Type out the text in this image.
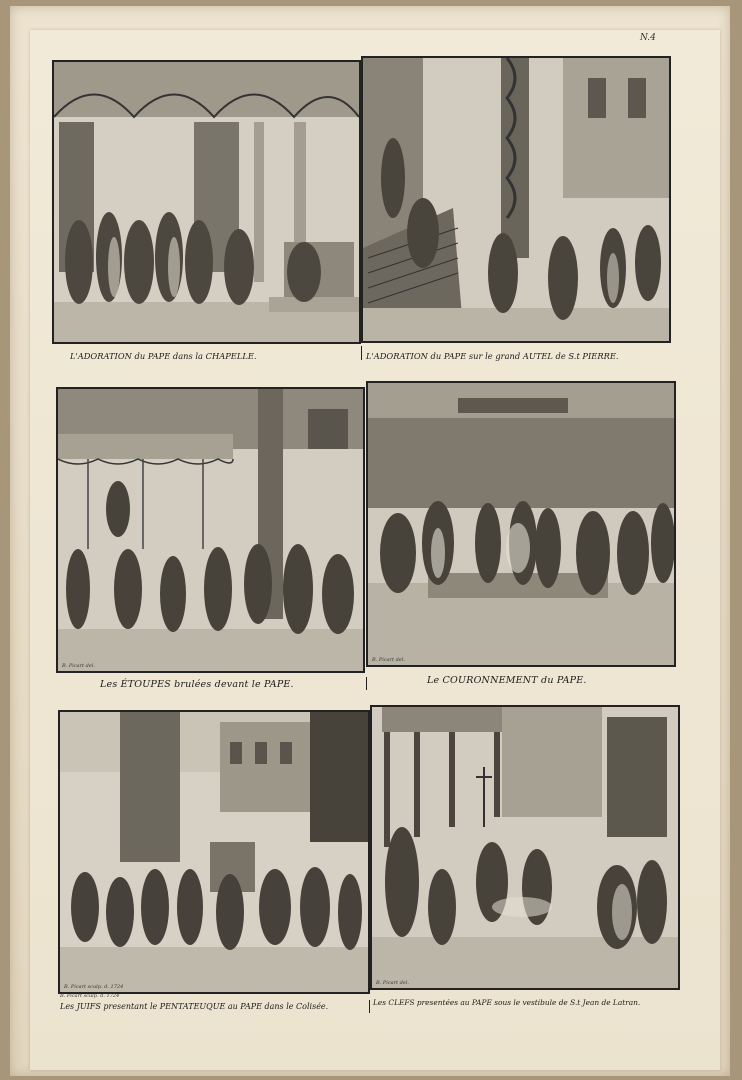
N.4
L'ADORATION du PAPE dans la CHAPELLE.	L'ADORATION du PAPE sur le grand AUTEL de S.t PIERRE.
B. Picart del.
B. Picart del.
Les ÉTOUPES brulées devant le PAPE.	Le COURONNEMENT du PAPE.
B. Picart sculp. d. 1724
B. Picart del.
B. Picart sculp. d. 1724
Les JUIFS presentant le PENTATEUQUE au PAPE dans le Colisée.	Les CLEFS presentées au PAPE sous le vestibule de S.t Jean de Latran.
